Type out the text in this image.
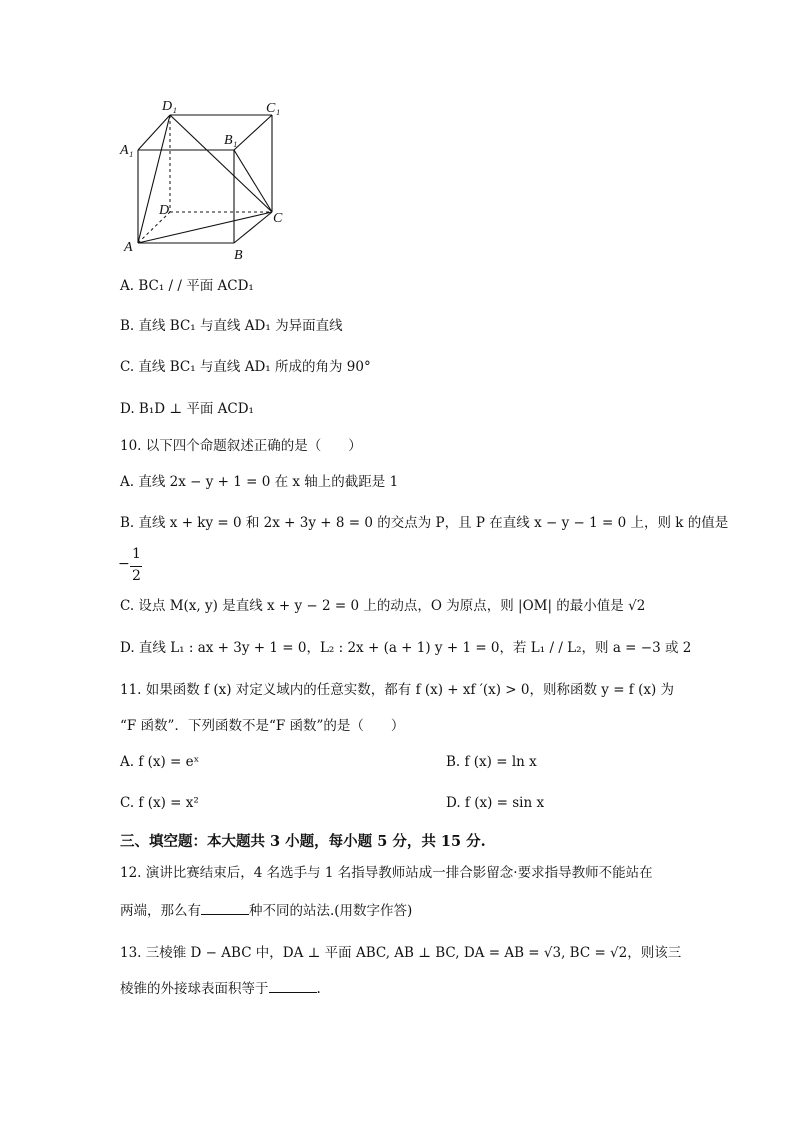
D₁	C₁
A₁
B₁
D
C
A
B
A. BC₁ / / 平面 ACD₁
B. 直线 BC₁ 与直线 AD₁ 为异面直线
C. 直线 BC₁ 与直线 AD₁ 所成的角为 90°
D. B₁D ⊥ 平面 ACD₁
10. 以下四个命题叙述正确的是（　　）
A. 直线 2x − y + 1 = 0 在 x 轴上的截距是 1
B. 直线 x + ky = 0 和 2x + 3y + 8 = 0 的交点为 P，且 P 在直线 x − y − 1 = 0 上，则 k 的值是
−
1
2
C. 设点 M(x, y) 是直线 x + y − 2 = 0 上的动点，O 为原点，则 |OM| 的最小值是 √2
D. 直线 L₁ : ax + 3y + 1 = 0，L₂ : 2x + (a + 1) y + 1 = 0，若 L₁ / / L₂，则 a = −3 或 2
11. 如果函数 f (x) 对定义域内的任意实数，都有 f (x) + xf ′(x) > 0，则称函数 y = f (x) 为
“F 函数”．下列函数不是“F 函数”的是（　　）
A. f (x) = eˣ	B. f (x) = ln x
C. f (x) = x²	D. f (x) = sin x
三、填空题：本大题共 3 小题，每小题 5 分，共 15 分.
12. 演讲比赛结束后，4 名选手与 1 名指导教师站成一排合影留念·要求指导教师不能站在
两端，那么有	种不同的站法.(用数字作答)
13. 三棱锥 D − ABC 中，DA ⊥ 平面 ABC, AB ⊥ BC, DA = AB = √3, BC = √2，则该三
棱锥的外接球表面积等于	.
